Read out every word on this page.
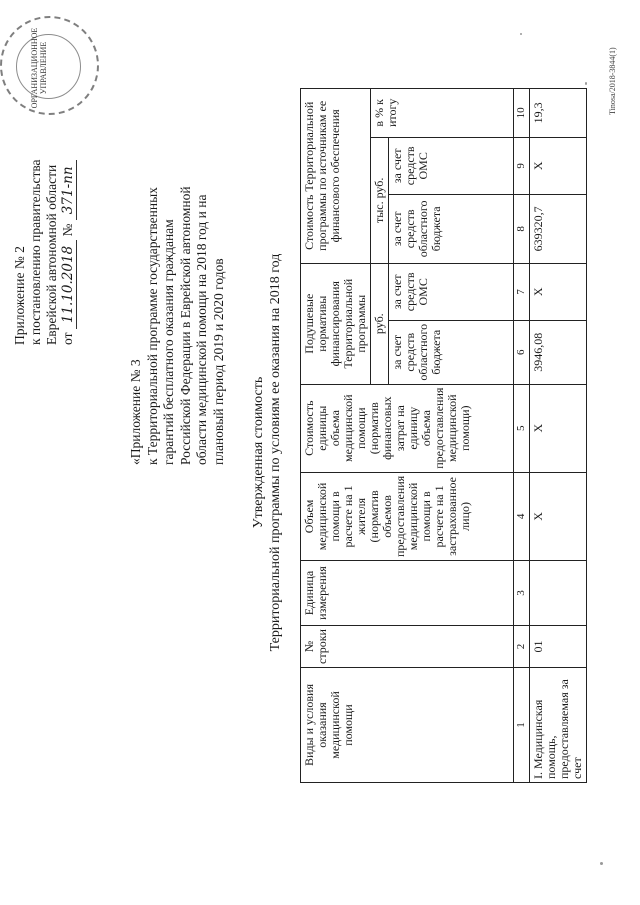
ОРГАНИЗАЦИОННОЕ
УПРАВЛЕНИЕ
Приложение № 2 к постановлению правительства Еврейской автономной области от 11.10.2018 № 371-пп
«Приложение № 3 к Территориальной программе государственных гарантий бесплатного оказания гражданам Российской Федерации в Еврейской автономной области медицинской помощи на 2018 год и на плановый период 2019 и 2020 годов Утвержденная стоимость Территориальной программы по условиям ее оказания на 2018 год
Виды и условия оказания медицинской помощи	№ строки	Единица измерения	Объем медицинской помощи в расчете на 1 жителя (норматив объемов предоставления медицинской помощи в расчете на 1 застрахованное лицо)	Стоимость единицы объема медицинской помощи (норматив финансовых затрат на единицу объема предоставления медицинской помощи)	Подушевые нормативы финансирования Территориальной программы		Стоимость Территориальной программы по источникам ее финансового обеспечения		
					руб.		тыс. руб.		в % к итогу
					за счет средств областного бюджета	за счет средств ОМС	за счет средств областного бюджета	за счет средств ОМС	
1	2	3	4	5	6	7	8	9	10
I. Медицинская помощь, предоставляемая за счет	01		Х	Х	3946,08	Х	639320,7	Х	19,3	Tinosa/2018-3844(1)
